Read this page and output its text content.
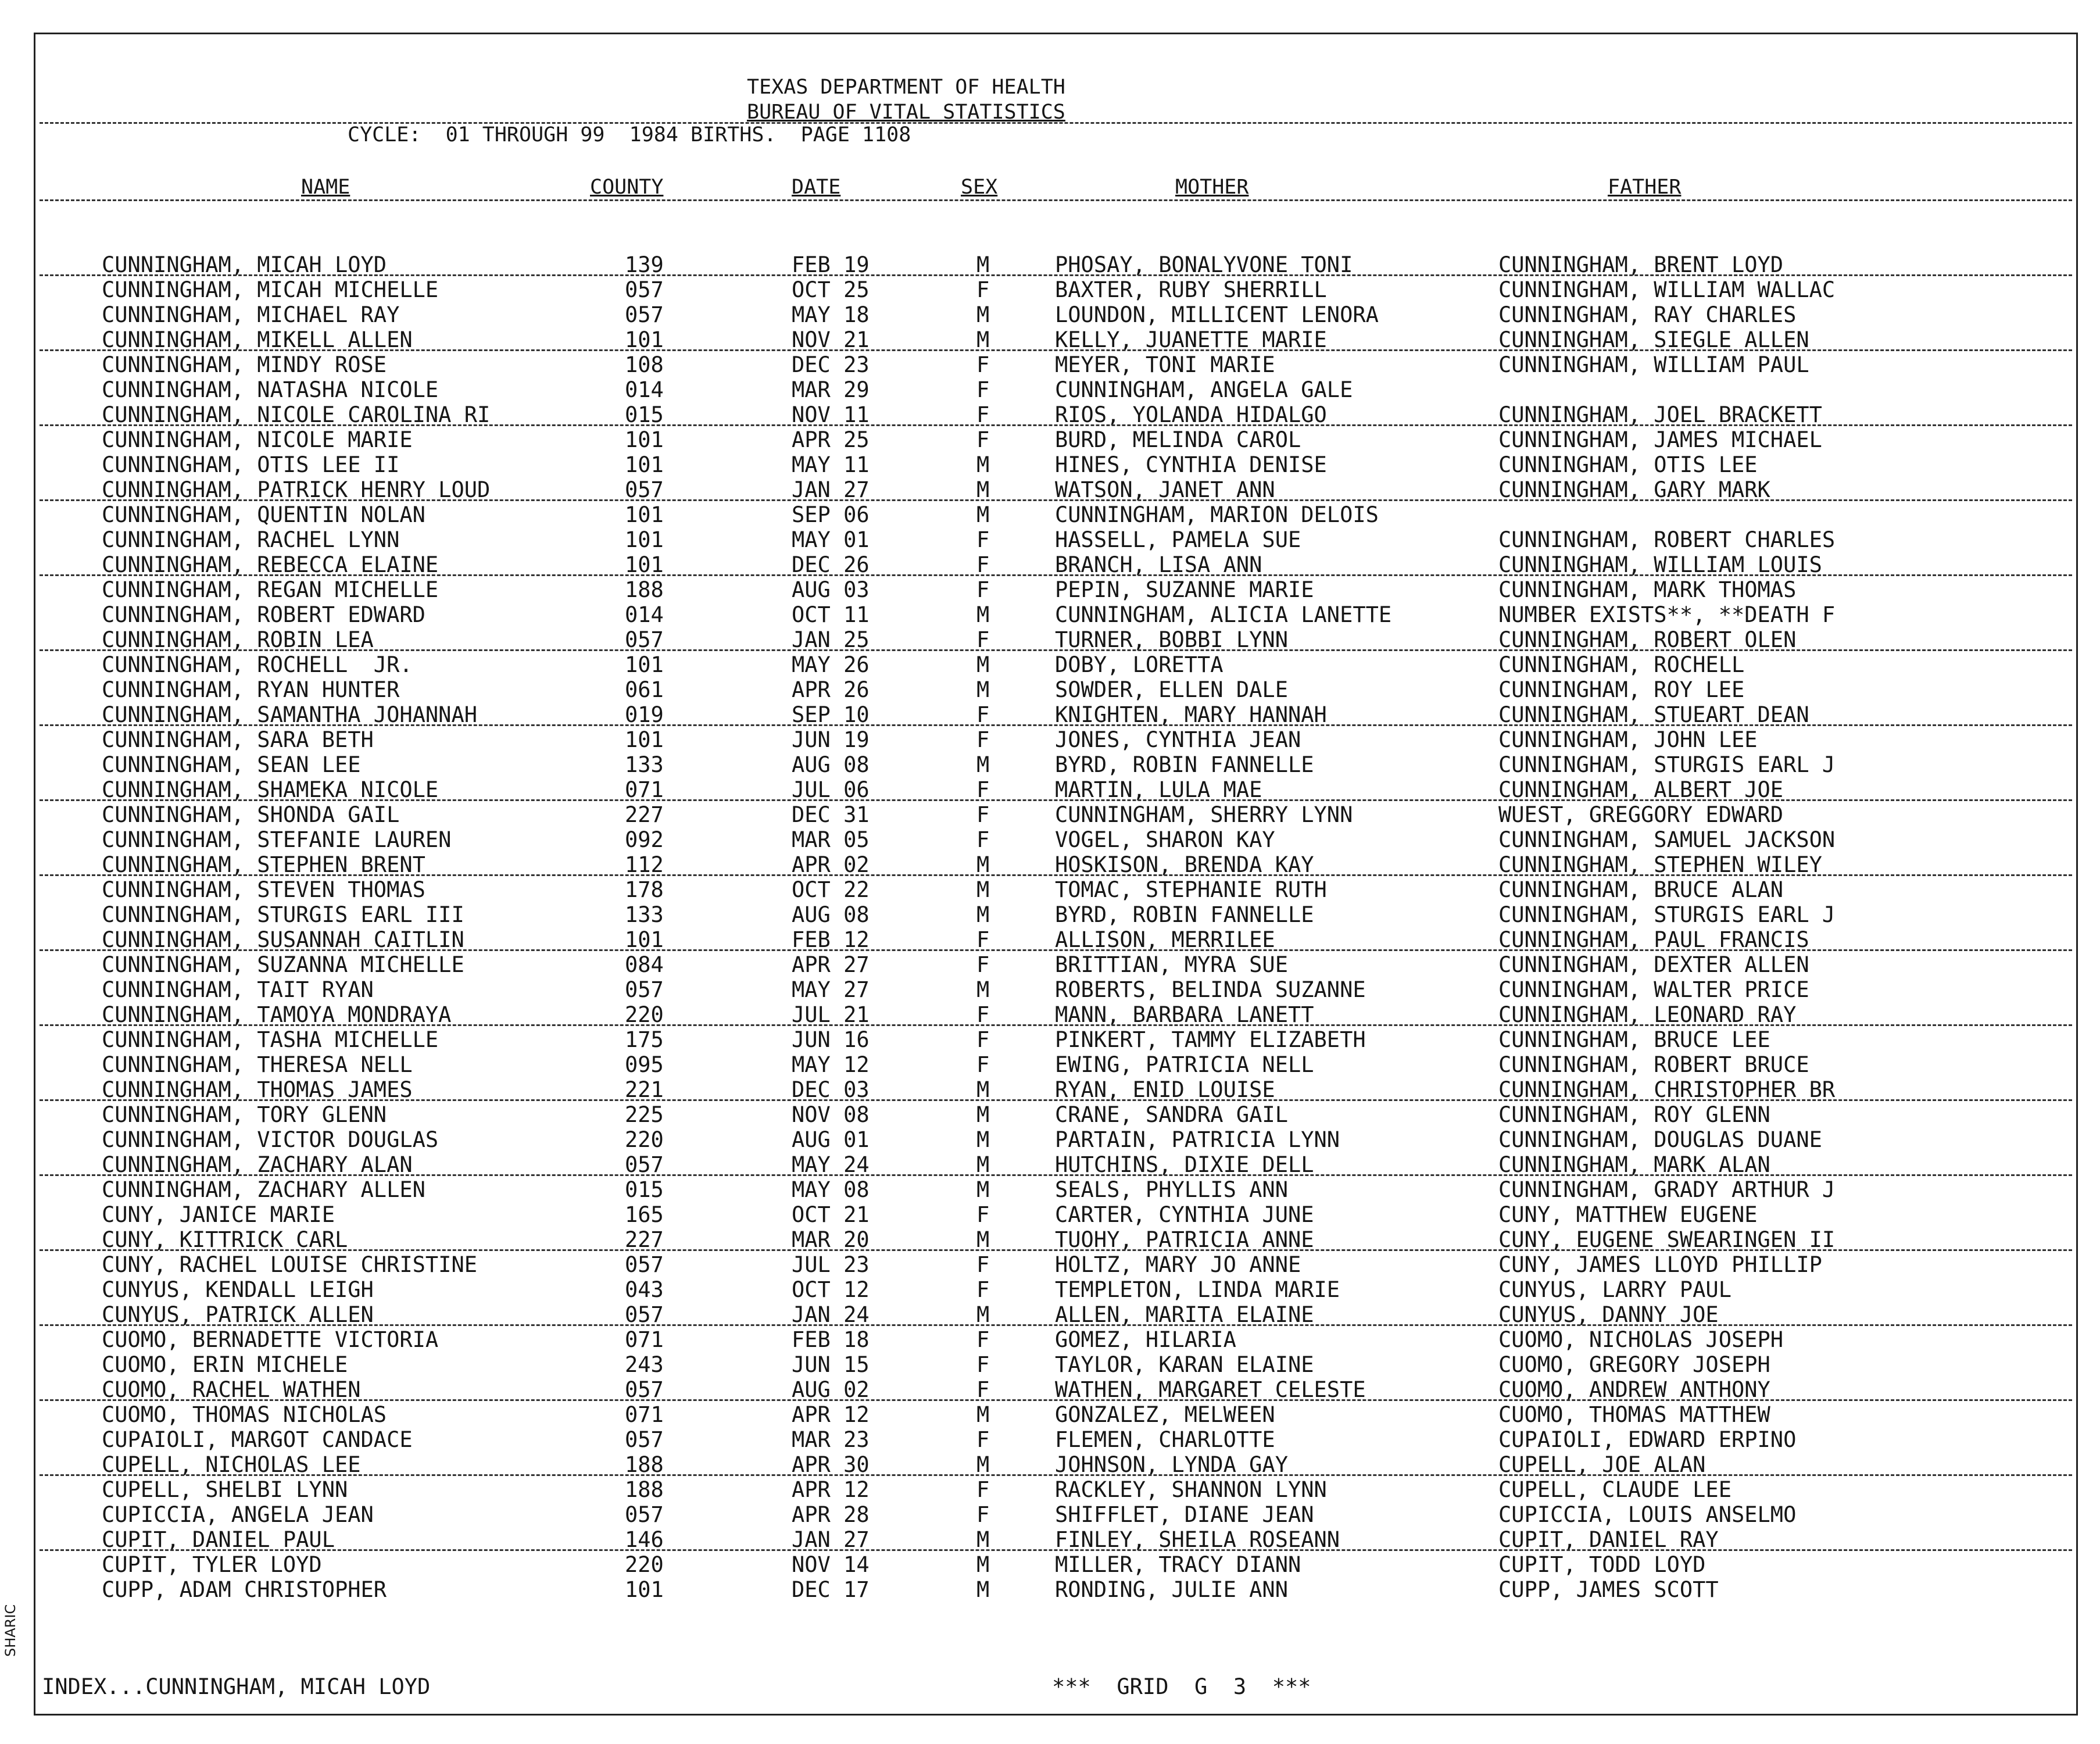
TEXAS DEPARTMENT OF HEALTH
BUREAU OF VITAL STATISTICS
CYCLE:  01 THROUGH 99  1984 BIRTHS.  PAGE 1108
NAME	COUNTY	DATE	SEX	MOTHER	FATHER
CUNNINGHAM, MICAH LOYD	139	FEB 19	M	PHOSAY, BONALYVONE TONI	CUNNINGHAM, BRENT LOYD
CUNNINGHAM, MICAH MICHELLE	057	OCT 25	F	BAXTER, RUBY SHERRILL	CUNNINGHAM, WILLIAM WALLAC
CUNNINGHAM, MICHAEL RAY	057	MAY 18	M	LOUNDON, MILLICENT LENORA	CUNNINGHAM, RAY CHARLES
CUNNINGHAM, MIKELL ALLEN	101	NOV 21	M	KELLY, JUANETTE MARIE	CUNNINGHAM, SIEGLE ALLEN
CUNNINGHAM, MINDY ROSE	108	DEC 23	F	MEYER, TONI MARIE	CUNNINGHAM, WILLIAM PAUL
CUNNINGHAM, NATASHA NICOLE	014	MAR 29	F	CUNNINGHAM, ANGELA GALE
CUNNINGHAM, NICOLE CAROLINA RI	015	NOV 11	F	RIOS, YOLANDA HIDALGO	CUNNINGHAM, JOEL BRACKETT
CUNNINGHAM, NICOLE MARIE	101	APR 25	F	BURD, MELINDA CAROL	CUNNINGHAM, JAMES MICHAEL
CUNNINGHAM, OTIS LEE II	101	MAY 11	M	HINES, CYNTHIA DENISE	CUNNINGHAM, OTIS LEE
CUNNINGHAM, PATRICK HENRY LOUD	057	JAN 27	M	WATSON, JANET ANN	CUNNINGHAM, GARY MARK
CUNNINGHAM, QUENTIN NOLAN	101	SEP 06	M	CUNNINGHAM, MARION DELOIS
CUNNINGHAM, RACHEL LYNN	101	MAY 01	F	HASSELL, PAMELA SUE	CUNNINGHAM, ROBERT CHARLES
CUNNINGHAM, REBECCA ELAINE	101	DEC 26	F	BRANCH, LISA ANN	CUNNINGHAM, WILLIAM LOUIS
CUNNINGHAM, REGAN MICHELLE	188	AUG 03	F	PEPIN, SUZANNE MARIE	CUNNINGHAM, MARK THOMAS
CUNNINGHAM, ROBERT EDWARD	014	OCT 11	M	CUNNINGHAM, ALICIA LANETTE	NUMBER EXISTS**, **DEATH F
CUNNINGHAM, ROBIN LEA	057	JAN 25	F	TURNER, BOBBI LYNN	CUNNINGHAM, ROBERT OLEN
CUNNINGHAM, ROCHELL  JR.	101	MAY 26	M	DOBY, LORETTA	CUNNINGHAM, ROCHELL
CUNNINGHAM, RYAN HUNTER	061	APR 26	M	SOWDER, ELLEN DALE	CUNNINGHAM, ROY LEE
CUNNINGHAM, SAMANTHA JOHANNAH	019	SEP 10	F	KNIGHTEN, MARY HANNAH	CUNNINGHAM, STUEART DEAN
CUNNINGHAM, SARA BETH	101	JUN 19	F	JONES, CYNTHIA JEAN	CUNNINGHAM, JOHN LEE
CUNNINGHAM, SEAN LEE	133	AUG 08	M	BYRD, ROBIN FANNELLE	CUNNINGHAM, STURGIS EARL J
CUNNINGHAM, SHAMEKA NICOLE	071	JUL 06	F	MARTIN, LULA MAE	CUNNINGHAM, ALBERT JOE
CUNNINGHAM, SHONDA GAIL	227	DEC 31	F	CUNNINGHAM, SHERRY LYNN	WUEST, GREGGORY EDWARD
CUNNINGHAM, STEFANIE LAUREN	092	MAR 05	F	VOGEL, SHARON KAY	CUNNINGHAM, SAMUEL JACKSON
CUNNINGHAM, STEPHEN BRENT	112	APR 02	M	HOSKISON, BRENDA KAY	CUNNINGHAM, STEPHEN WILEY
CUNNINGHAM, STEVEN THOMAS	178	OCT 22	M	TOMAC, STEPHANIE RUTH	CUNNINGHAM, BRUCE ALAN
CUNNINGHAM, STURGIS EARL III	133	AUG 08	M	BYRD, ROBIN FANNELLE	CUNNINGHAM, STURGIS EARL J
CUNNINGHAM, SUSANNAH CAITLIN	101	FEB 12	F	ALLISON, MERRILEE	CUNNINGHAM, PAUL FRANCIS
CUNNINGHAM, SUZANNA MICHELLE	084	APR 27	F	BRITTIAN, MYRA SUE	CUNNINGHAM, DEXTER ALLEN
CUNNINGHAM, TAIT RYAN	057	MAY 27	M	ROBERTS, BELINDA SUZANNE	CUNNINGHAM, WALTER PRICE
CUNNINGHAM, TAMOYA MONDRAYA	220	JUL 21	F	MANN, BARBARA LANETT	CUNNINGHAM, LEONARD RAY
CUNNINGHAM, TASHA MICHELLE	175	JUN 16	F	PINKERT, TAMMY ELIZABETH	CUNNINGHAM, BRUCE LEE
CUNNINGHAM, THERESA NELL	095	MAY 12	F	EWING, PATRICIA NELL	CUNNINGHAM, ROBERT BRUCE
CUNNINGHAM, THOMAS JAMES	221	DEC 03	M	RYAN, ENID LOUISE	CUNNINGHAM, CHRISTOPHER BR
CUNNINGHAM, TORY GLENN	225	NOV 08	M	CRANE, SANDRA GAIL	CUNNINGHAM, ROY GLENN
CUNNINGHAM, VICTOR DOUGLAS	220	AUG 01	M	PARTAIN, PATRICIA LYNN	CUNNINGHAM, DOUGLAS DUANE
CUNNINGHAM, ZACHARY ALAN	057	MAY 24	M	HUTCHINS, DIXIE DELL	CUNNINGHAM, MARK ALAN
CUNNINGHAM, ZACHARY ALLEN	015	MAY 08	M	SEALS, PHYLLIS ANN	CUNNINGHAM, GRADY ARTHUR J
CUNY, JANICE MARIE	165	OCT 21	F	CARTER, CYNTHIA JUNE	CUNY, MATTHEW EUGENE
CUNY, KITTRICK CARL	227	MAR 20	M	TUOHY, PATRICIA ANNE	CUNY, EUGENE SWEARINGEN II
CUNY, RACHEL LOUISE CHRISTINE	057	JUL 23	F	HOLTZ, MARY JO ANNE	CUNY, JAMES LLOYD PHILLIP
CUNYUS, KENDALL LEIGH	043	OCT 12	F	TEMPLETON, LINDA MARIE	CUNYUS, LARRY PAUL
CUNYUS, PATRICK ALLEN	057	JAN 24	M	ALLEN, MARITA ELAINE	CUNYUS, DANNY JOE
CUOMO, BERNADETTE VICTORIA	071	FEB 18	F	GOMEZ, HILARIA	CUOMO, NICHOLAS JOSEPH
CUOMO, ERIN MICHELE	243	JUN 15	F	TAYLOR, KARAN ELAINE	CUOMO, GREGORY JOSEPH
CUOMO, RACHEL WATHEN	057	AUG 02	F	WATHEN, MARGARET CELESTE	CUOMO, ANDREW ANTHONY
CUOMO, THOMAS NICHOLAS	071	APR 12	M	GONZALEZ, MELWEEN	CUOMO, THOMAS MATTHEW
CUPAIOLI, MARGOT CANDACE	057	MAR 23	F	FLEMEN, CHARLOTTE	CUPAIOLI, EDWARD ERPINO
CUPELL, NICHOLAS LEE	188	APR 30	M	JOHNSON, LYNDA GAY	CUPELL, JOE ALAN
CUPELL, SHELBI LYNN	188	APR 12	F	RACKLEY, SHANNON LYNN	CUPELL, CLAUDE LEE
CUPICCIA, ANGELA JEAN	057	APR 28	F	SHIFFLET, DIANE JEAN	CUPICCIA, LOUIS ANSELMO
CUPIT, DANIEL PAUL	146	JAN 27	M	FINLEY, SHEILA ROSEANN	CUPIT, DANIEL RAY
CUPIT, TYLER LOYD	220	NOV 14	M	MILLER, TRACY DIANN	CUPIT, TODD LOYD
CUPP, ADAM CHRISTOPHER	101	DEC 17	M	RONDING, JULIE ANN	CUPP, JAMES SCOTT
INDEX...CUNNINGHAM, MICAH LOYD	***  GRID  G  3  ***
SHARIC
